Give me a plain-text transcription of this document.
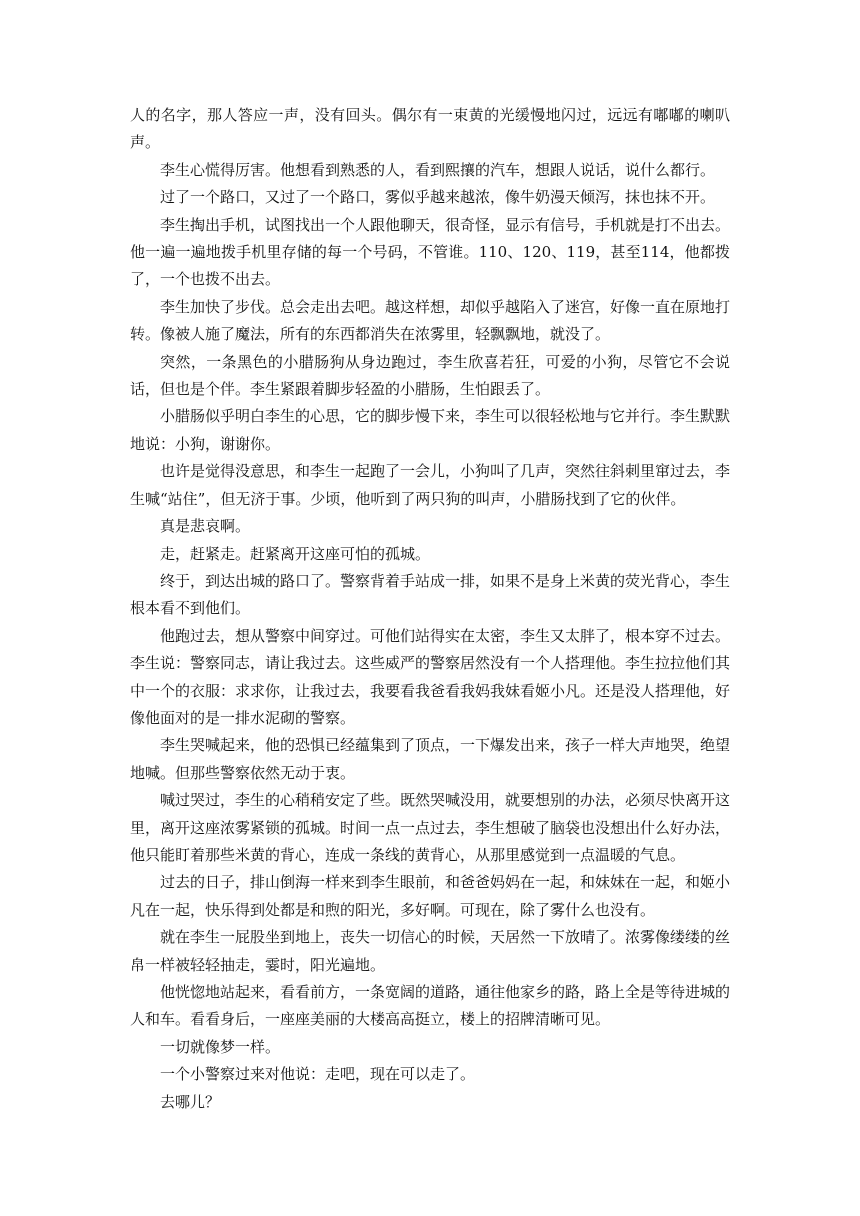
人的名字，那人答应一声，没有回头。偶尔有一束黄的光缓慢地闪过，远远有嘟嘟的喇叭声。

李生心慌得厉害。他想看到熟悉的人，看到熙攘的汽车，想跟人说话，说什么都行。

过了一个路口，又过了一个路口，雾似乎越来越浓，像牛奶漫天倾泻，抹也抹不开。

李生掏出手机，试图找出一个人跟他聊天，很奇怪，显示有信号，手机就是打不出去。他一遍一遍地拨手机里存储的每一个号码，不管谁。110、120、119，甚至114，他都拨了，一个也拨不出去。

李生加快了步伐。总会走出去吧。越这样想，却似乎越陷入了迷宫，好像一直在原地打转。像被人施了魔法，所有的东西都消失在浓雾里，轻飘飘地，就没了。

突然，一条黑色的小腊肠狗从身边跑过，李生欣喜若狂，可爱的小狗，尽管它不会说话，但也是个伴。李生紧跟着脚步轻盈的小腊肠，生怕跟丢了。

小腊肠似乎明白李生的心思，它的脚步慢下来，李生可以很轻松地与它并行。李生默默地说：小狗，谢谢你。

也许是觉得没意思，和李生一起跑了一会儿，小狗叫了几声，突然往斜刺里窜过去，李生喊“站住”，但无济于事。少顷，他听到了两只狗的叫声，小腊肠找到了它的伙伴。

真是悲哀啊。

走，赶紧走。赶紧离开这座可怕的孤城。

终于，到达出城的路口了。警察背着手站成一排，如果不是身上米黄的荧光背心，李生根本看不到他们。

他跑过去，想从警察中间穿过。可他们站得实在太密，李生又太胖了，根本穿不过去。李生说：警察同志，请让我过去。这些威严的警察居然没有一个人搭理他。李生拉拉他们其中一个的衣服：求求你，让我过去，我要看我爸看我妈我妹看姬小凡。还是没人搭理他，好像他面对的是一排水泥砌的警察。

李生哭喊起来，他的恐惧已经蕴集到了顶点，一下爆发出来，孩子一样大声地哭，绝望地喊。但那些警察依然无动于衷。

喊过哭过，李生的心稍稍安定了些。既然哭喊没用，就要想别的办法，必须尽快离开这里，离开这座浓雾紧锁的孤城。时间一点一点过去，李生想破了脑袋也没想出什么好办法，他只能盯着那些米黄的背心，连成一条线的黄背心，从那里感觉到一点温暖的气息。

过去的日子，排山倒海一样来到李生眼前，和爸爸妈妈在一起，和妹妹在一起，和姬小凡在一起，快乐得到处都是和煦的阳光，多好啊。可现在，除了雾什么也没有。

就在李生一屁股坐到地上，丧失一切信心的时候，天居然一下放晴了。浓雾像缕缕的丝帛一样被轻轻抽走，霎时，阳光遍地。

他恍惚地站起来，看看前方，一条宽阔的道路，通往他家乡的路，路上全是等待进城的人和车。看看身后，一座座美丽的大楼高高挺立，楼上的招牌清晰可见。

一切就像梦一样。

一个小警察过来对他说：走吧，现在可以走了。

去哪儿？
